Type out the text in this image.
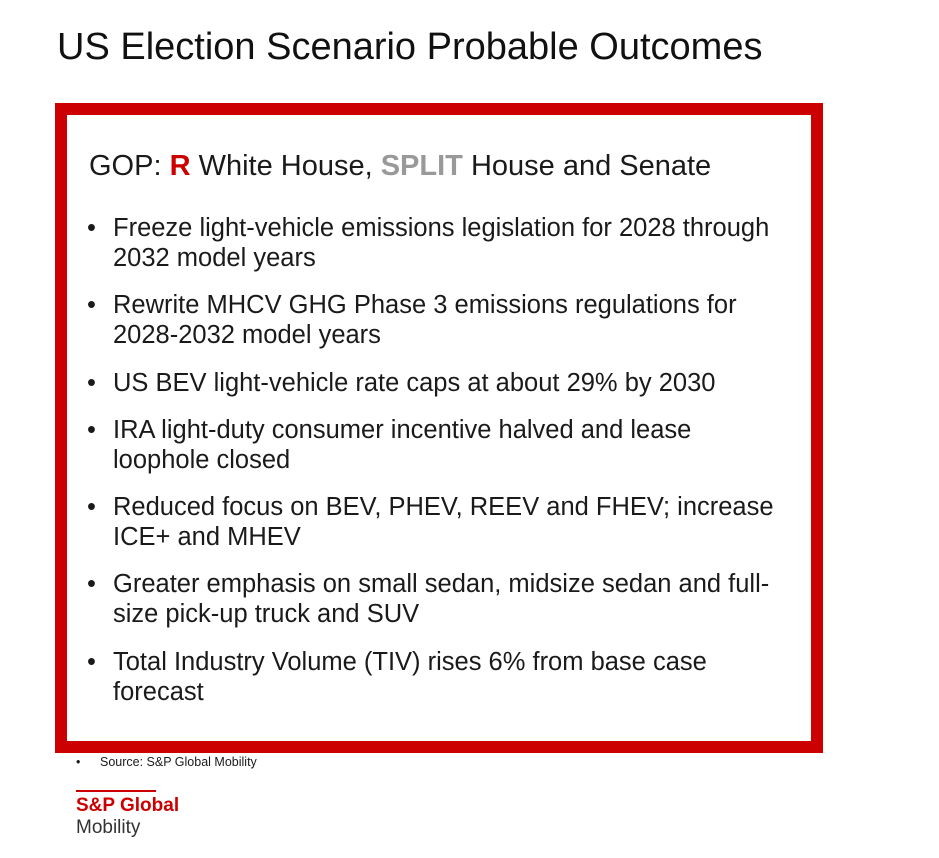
US Election Scenario Probable Outcomes
GOP: R White House, SPLIT House and Senate
• Freeze light-vehicle emissions legislation for 2028 through 2032 model years
• Rewrite MHCV GHG Phase 3 emissions regulations for 2028-2032 model years
• US BEV light-vehicle rate caps at about 29% by 2030
• IRA light-duty consumer incentive halved and lease loophole closed
• Reduced focus on BEV, PHEV, REEV and FHEV; increase ICE+ and MHEV
• Greater emphasis on small sedan, midsize sedan and full-size pick-up truck and SUV
• Total Industry Volume (TIV) rises 6% from base case forecast
• Source: S&P Global Mobility
S&P Global
Mobility
